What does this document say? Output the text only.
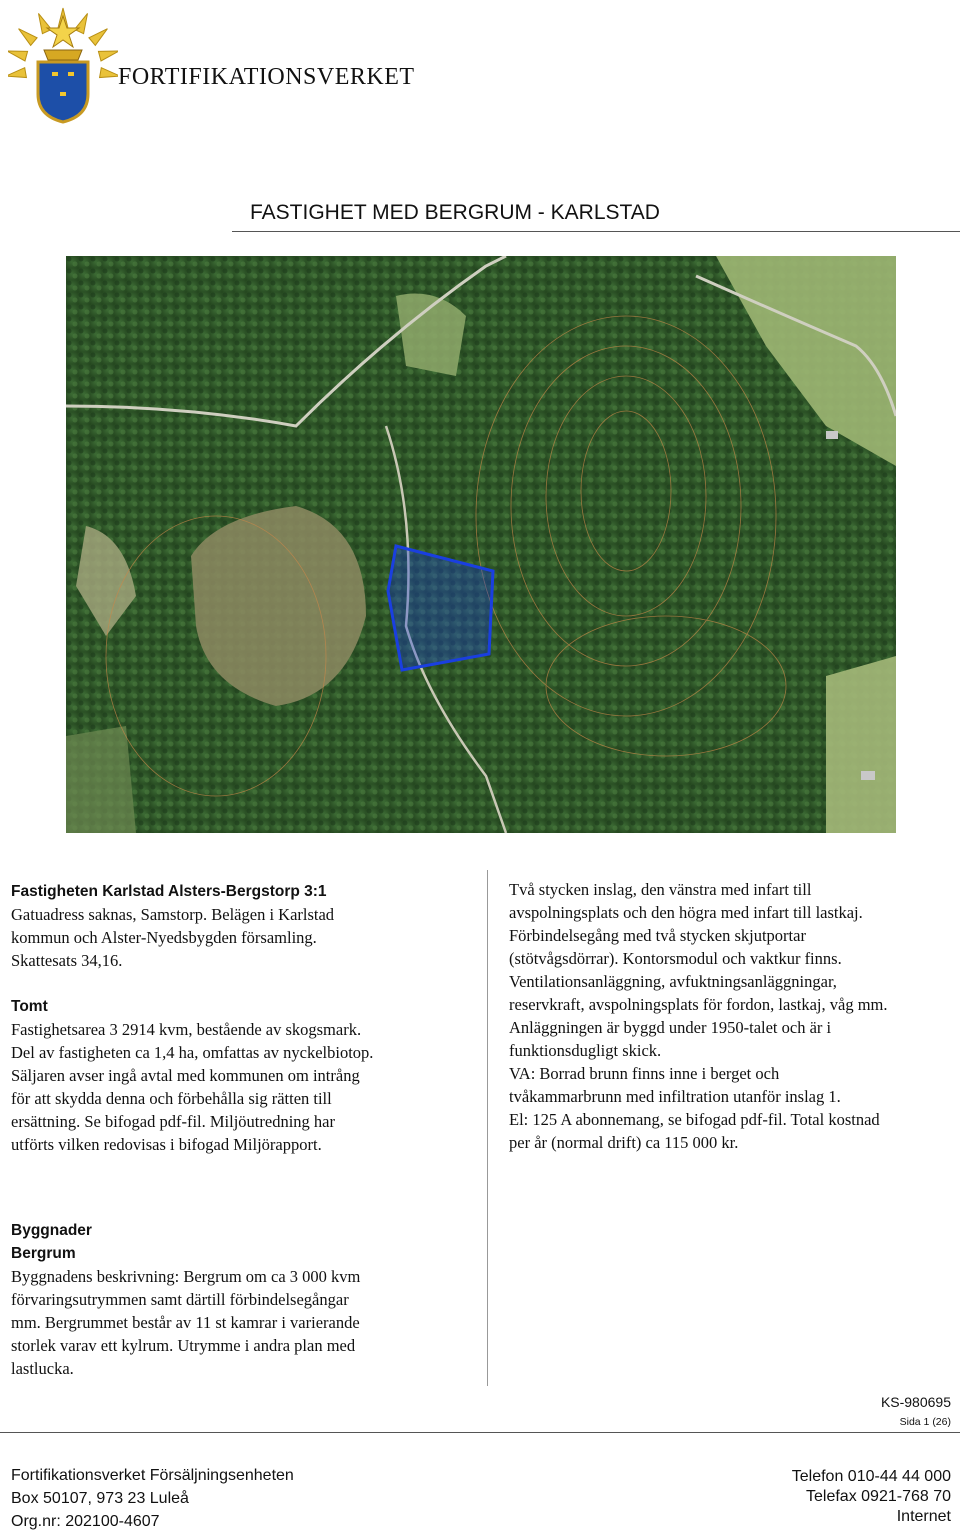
FORTIFIKATIONSVERKET
FASTIGHET MED BERGRUM - KARLSTAD

Fastigheten Karlstad Alsters-Bergstorp 3:1

Gatuadress saknas, Samstorp. Belägen i Karlstad

kommun och Alster-Nyedsbygden församling.

Skattesats 34,16.

Tomt

Fastighetsarea 3 2914 kvm, bestående av skogsmark.

Del av fastigheten ca 1,4 ha, omfattas av nyckelbiotop.

Säljaren avser ingå avtal med kommunen om intrång

för att skydda denna och förbehålla sig rätten till

ersättning. Se bifogad pdf-fil. Miljöutredning har

utförts vilken redovisas i bifogad Miljörapport.

Två stycken inslag, den vänstra med infart till

avspolningsplats och den högra med infart till lastkaj.

Förbindelsegång med två stycken skjutportar

(stötvågsdörrar). Kontorsmodul och vaktkur finns.

Ventilationsanläggning, avfuktningsanläggningar,

reservkraft, avspolningsplats för fordon, lastkaj, våg mm.

Anläggningen är byggd under 1950-talet och är i

funktionsdugligt skick.

VA: Borrad brunn finns inne i berget och

tvåkammarbrunn med infiltration utanför inslag 1.

El: 125 A abonnemang, se bifogad pdf-fil. Total kostnad

per år (normal drift) ca 115 000 kr.

Byggnader

Bergrum

Byggnadens beskrivning: Bergrum om ca 3 000 kvm

förvaringsutrymmen samt därtill förbindelsegångar

mm. Bergrummet består av 11 st kamrar i varierande

storlek varav ett kylrum. Utrymme i andra plan med

lastlucka.

KS-980695
Sida 1 (26)
Fortifikationsverket Försäljningsenheten
Box 50107, 973 23 Luleå
Org.nr: 202100-4607
Telefon 010-44 44 000
Telefax 0921-768 70
Internet
